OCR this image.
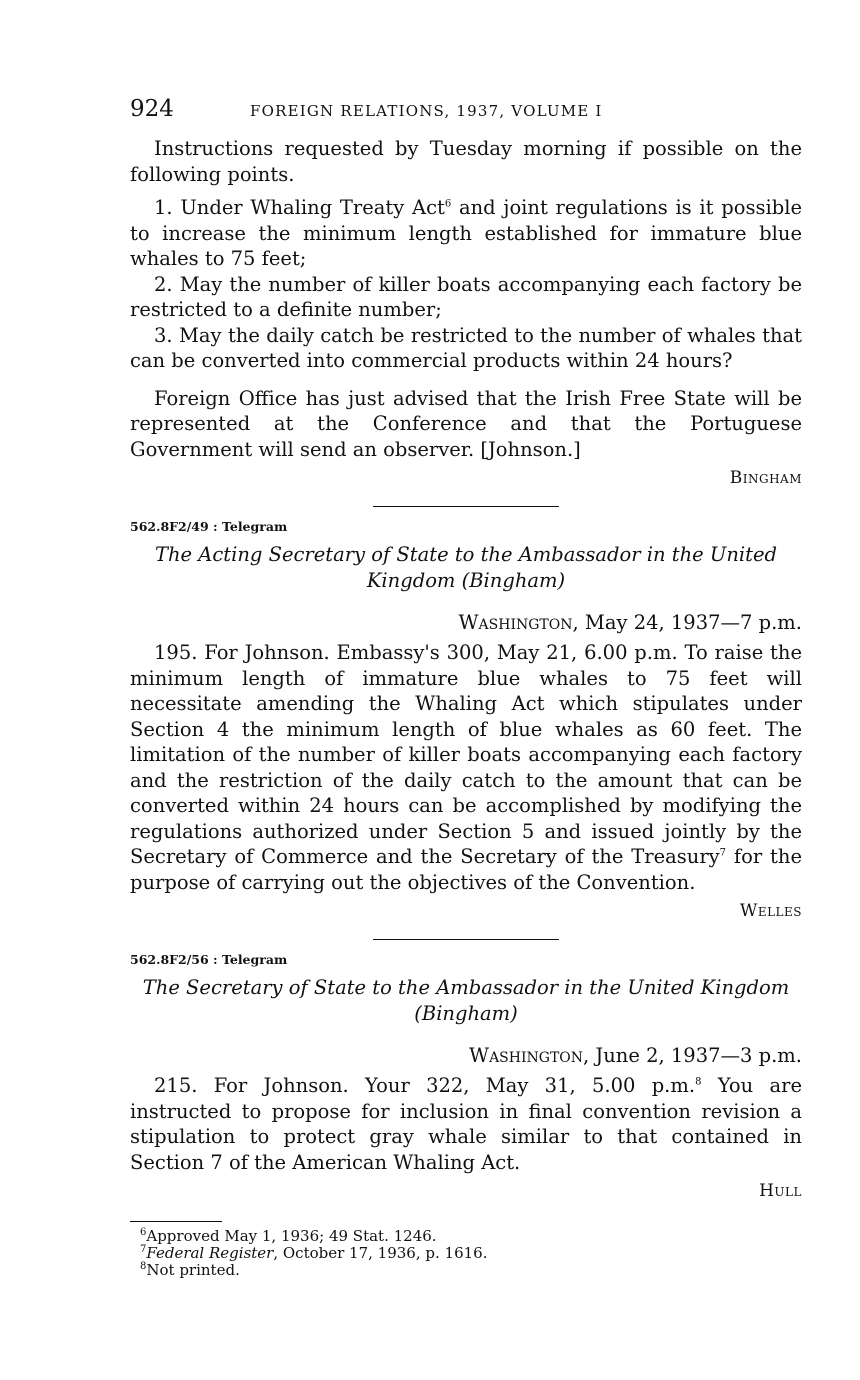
924	FOREIGN RELATIONS, 1937, VOLUME I

Instructions requested by Tuesday morning if possible on the following points.

1. Under Whaling Treaty Act$^6$ and joint regulations is it possible to increase the minimum length established for immature blue whales to 75 feet;

2. May the number of killer boats accompanying each factory be restricted to a definite number;

3. May the daily catch be restricted to the number of whales that can be converted into commercial products within 24 hours?

Foreign Office has just advised that the Irish Free State will be represented at the Conference and that the Portuguese Government will send an observer. [Johnson.]

Bingham
562.8F2/49 : Telegram
The Acting Secretary of State to the Ambassador in the United Kingdom (Bingham)
Washington, May 24, 1937—7 p.m.

195. For Johnson. Embassy's 300, May 21, 6.00 p.m. To raise the minimum length of immature blue whales to 75 feet will necessitate amending the Whaling Act which stipulates under Section 4 the minimum length of blue whales as 60 feet. The limitation of the number of killer boats accompanying each factory and the restriction of the daily catch to the amount that can be converted within 24 hours can be accomplished by modifying the regulations authorized under Section 5 and issued jointly by the Secretary of Commerce and the Secretary of the Treasury$^7$ for the purpose of carrying out the objectives of the Convention.

Welles
562.8F2/56 : Telegram
The Secretary of State to the Ambassador in the United Kingdom (Bingham)
Washington, June 2, 1937—3 p.m.

215. For Johnson. Your 322, May 31, 5.00 p.m.$^8$ You are instructed to propose for inclusion in final convention revision a stipulation to protect gray whale similar to that contained in Section 7 of the American Whaling Act.

Hull

$^6$Approved May 1, 1936; 49 Stat. 1246.

$^7$Federal Register, October 17, 1936, p. 1616.

$^8$Not printed.
